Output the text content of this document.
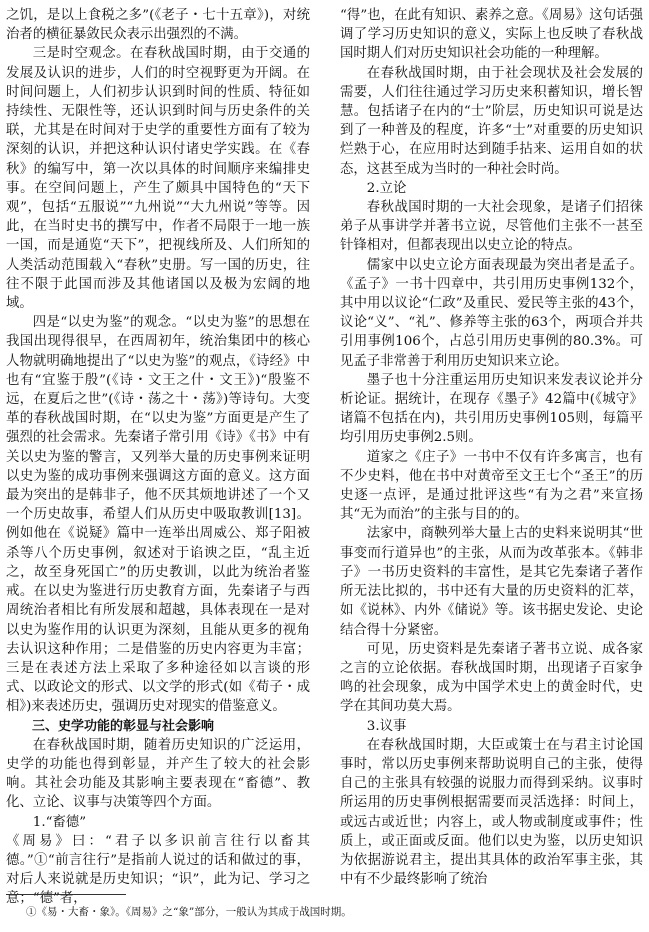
之饥，是以上食税之多”(《老子・七十五章》)，对统治者的横征暴敛民众表示出强烈的不满。

三是时空观念。在春秋战国时期，由于交通的发展及认识的进步，人们的时空视野更为开阔。在时间问题上，人们初步认识到时间的性质、特征如持续性、无限性等，还认识到时间与历史条件的关联，尤其是在时间对于史学的重要性方面有了较为深刻的认识，并把这种认识付诸史学实践。在《春秋》的编写中，第一次以具体的时间顺序来编排史事。在空间问题上，产生了颇具中国特色的“天下观”，包括“五服说”“九州说”“大九州说”等等。因此，在当时史书的撰写中，作者不局限于一地一族一国，而是通览“天下”，把视线所及、人们所知的人类活动范围载入“春秋”史册。写一国的历史，往往不限于此国而涉及其他诸国以及极为宏阔的地域。

四是“以史为鉴”的观念。“以史为鉴”的思想在我国出现得很早，在西周初年，统治集团中的核心人物就明确地提出了“以史为鉴”的观点，《诗经》中也有“宜鉴于殷”(《诗・文王之什・文王》)“殷鉴不远，在夏后之世”(《诗・荡之十・荡》)等诗句。大变革的春秋战国时期，在“以史为鉴”方面更是产生了强烈的社会需求。先秦诸子常引用《诗》《书》中有关以史为鉴的警言，又列举大量的历史事例来证明以史为鉴的成功事例来强调这方面的意义。这方面最为突出的是韩非子，他不厌其烦地讲述了一个又一个历史故事，希望人们从历史中吸取教训[13]。例如他在《说疑》篇中一连举出周威公、郑子阳被杀等八个历史事例，叙述对于谄谀之臣，“乱主近之，故至身死国亡”的历史教训，以此为统治者鉴戒。在以史为鉴进行历史教育方面，先秦诸子与西周统治者相比有所发展和超越，具体表现在一是对以史为鉴作用的认识更为深刻，且能从更多的视角去认识这种作用；二是借鉴的历史内容更为丰富；三是在表述方法上采取了多种途径如以言谈的形式、以政论文的形式、以文学的形式(如《荀子・成相》)来表述历史，强调历史对现实的借鉴意义。

三、史学功能的彰显与社会影响

在春秋战国时期，随着历史知识的广泛运用，史学的功能也得到彰显，并产生了较大的社会影响。其社会功能及其影响主要表现在“畜德”、教化、立论、议事与决策等四个方面。

1.“畜德”

《周易》曰：“君子以多识前言往行以畜其德。”①“前言往行”是指前人说过的话和做过的事，对后人来说就是历史知识；“识”，此为记、学习之意；“德”者，

“得”也，在此有知识、素养之意。《周易》这句话强调了学习历史知识的意义，实际上也反映了春秋战国时期人们对历史知识社会功能的一种理解。

在春秋战国时期，由于社会现状及社会发展的需要，人们往往通过学习历史来积蓄知识，增长智慧。包括诸子在内的“士”阶层，历史知识可说是达到了一种普及的程度，许多“士”对重要的历史知识烂熟于心，在应用时达到随手拈来、运用自如的状态，这甚至成为当时的一种社会时尚。

2.立论

春秋战国时期的一大社会现象，是诸子们招徕弟子从事讲学并著书立说，尽管他们主张不一甚至针锋相对，但都表现出以史立论的特点。

儒家中以史立论方面表现最为突出者是孟子。《孟子》一书十四章中，共引用历史事例132个，其中用以议论“仁政”及重民、爱民等主张的43个，议论“义”、“礼”、修养等主张的63个，两项合并共引用事例106个，占总引用历史事例的80.3%。可见孟子非常善于利用历史知识来立论。

墨子也十分注重运用历史知识来发表议论并分析论证。据统计，在现存《墨子》42篇中(《城守》诸篇不包括在内)，共引用历史事例105则，每篇平均引用历史事例2.5则。

道家之《庄子》一书中不仅有许多寓言，也有不少史料，他在书中对黄帝至文王七个“圣王”的历史逐一点评，是通过批评这些“有为之君”来宣扬其“无为而治”的主张与目的的。

法家中，商鞅列举大量上古的史料来说明其“世事变而行道异也”的主张，从而为改革张本。《韩非子》一书历史资料的丰富性，是其它先秦诸子著作所无法比拟的，书中还有大量的历史资料的汇萃，如《说林》、内外《储说》等。该书据史发论、史论结合得十分紧密。

可见，历史资料是先秦诸子著书立说、成各家之言的立论依据。春秋战国时期，出现诸子百家争鸣的社会现象，成为中国学术史上的黄金时代，史学在其间功莫大焉。

3.议事

在春秋战国时期，大臣或策士在与君主讨论国事时，常以历史事例来帮助说明自己的主张，使得自己的主张具有较强的说服力而得到采纳。议事时所运用的历史事例根据需要而灵活选择：时间上，或远古或近世；内容上，或人物或制度或事件；性质上，或正面或反面。他们以史为鉴，以历史知识为依据游说君主，提出其具体的政治军事主张，其中有不少最终影响了统治

①《易・大畜・象》。《周易》之“象”部分，一般认为其成于战国时期。
